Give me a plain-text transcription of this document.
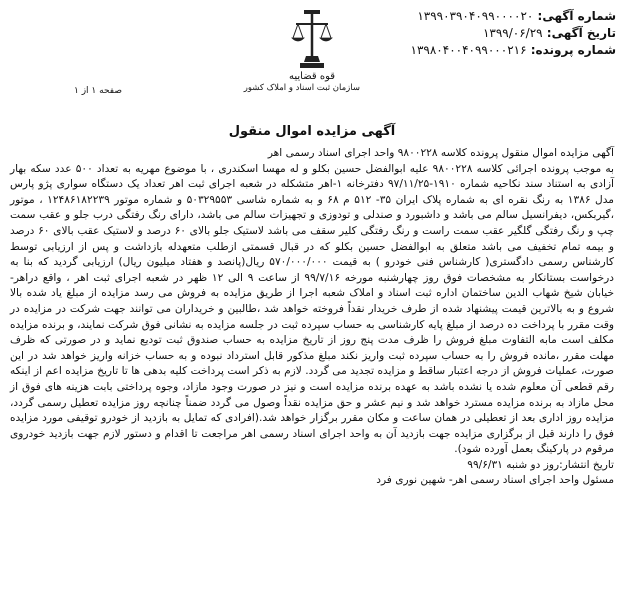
شماره آگهی: ۱۳۹۹۰۳۹۰۴۰۹۹۰۰۰۰۲۰
تاریخ آگهی: ۱۳۹۹/۰۶/۲۹
شماره پرونده: ۱۳۹۸۰۴۰۰۴۰۹۹۰۰۰۲۱۶
قوه قضاییه
سازمان ثبت اسناد و املاک کشور
صفحه ۱ از ۱
آگهی مزایده اموال منقول

آگهی مزایده اموال منقول پرونده کلاسه ۹۸۰۰۲۲۸ واحد اجرای اسناد رسمی اهر

به موجب پرونده اجرائی کلاسه ۹۸۰۰۲۲۸ علیه ابوالفضل حسین بکلو و له مهسا اسکندری ، با موضوع مهریه به تعداد ۵۰۰ عدد سکه بهار آزادی به استناد سند نکاحیه شماره ۱۹۱۰-۹۷/۱۱/۲۵ دفترخانه ۱-اهر متشکله در شعبه اجرای ثبت اهر تعداد یک دستگاه سواری پژو پارس مدل ۱۳۸۶ به رنگ نقره ای به شماره پلاک ایران ۳۵- ۵۱۲ م ۶۸ و به شماره شاسی ۵۰۳۲۹۵۵۳ و شماره موتور ۱۲۴۸۶۱۸۲۲۳۹ ، موتور ،گیربکس، دیفرانسیل سالم می باشد و داشبورد و صندلی و تودوزی و تجهیزات سالم می باشد، دارای رنگ رفتگی درب جلو و عقب سمت چپ و رنگ رفتگی گلگیر عقب سمت راست و رنگ رفتگی کلیر سقف می باشد لاستیک جلو بالای ۶۰ درصد و لاستیک عقب بالای ۶۰ درصد و بیمه تمام تخفیف می باشد متعلق به ابوالفضل حسین بکلو که در قبال قسمتی ازطلب متعهدله بازداشت و پس از ارزیابی توسط کارشناس رسمی دادگستری( کارشناس فنی خودرو ) به قیمت ۵۷۰/۰۰۰/۰۰۰ ریال(پانصد و هفتاد میلیون ریال) ارزیابی گردید که بنا به درخواست بستانکار به مشخصات فوق روز چهارشنبه مورخه ۹۹/۷/۱۶ از ساعت ۹ الی ۱۲ ظهر در شعبه اجرای ثبت اهر ، واقع دراهر- خیابان شیخ شهاب الدین ساختمان اداره ثبت اسناد و املاک شعبه اجرا از طریق مزایده به فروش می رسد مزایده از مبلغ یاد شده بالا شروع و به بالاترین قیمت پیشنهاد شده از طرف خریدار نقداً فروخته خواهد شد ،طالبین و خریداران می توانند جهت شرکت در مزایده در وقت مقرر با پرداخت ده درصد از مبلغ پایه کارشناسی به حساب سپرده ثبت در جلسه مزایده به نشانی فوق شرکت نمایند، و برنده مزایده مکلف است مابه التفاوت مبلغ فروش را ظرف مدت پنج روز از تاریخ مزایده به حساب صندوق ثبت تودیع نماید و در صورتی که ظرف مهلت مقرر ،مانده فروش را به حساب سپرده ثبت واریز نکند مبلغ مذکور قابل استرداد نبوده و به حساب خزانه واریز خواهد شد در این صورت، عملیات فروش از درجه اعتبار ساقط و مزایده تجدید می گردد. لازم به ذکر است پرداخت کلیه بدهی ها تا تاریخ مزایده اعم از اینکه رقم قطعی آن معلوم شده یا نشده باشد به عهده برنده مزایده است و نیز در صورت وجود مازاد، وجوه پرداختی بابت هزینه های فوق از محل مازاد به برنده مزایده مسترد خواهد شد و نیم عشر و حق مزایده نقداً وصول می گردد ضمناً چنانچه روز مزایده تعطیل رسمی گردد، مزایده روز اداری بعد از تعطیلی در همان ساعت و مکان مقرر برگزار خواهد شد.(افرادی که تمایل به بازدید از خودرو توقیفی مورد مزایده فوق را دارند قبل از برگزاری مزایده جهت بازدید آن به واحد اجرای اسناد رسمی اهر مراجعت تا اقدام و دستور لازم جهت بازدید خودروی مرقوم در پارکینگ بعمل آورده شود).

تاریخ انتشار:روز دو شنبه ۹۹/۶/۳۱

مسئول واحد اجرای اسناد رسمی اهر- شهین نوری فرد
